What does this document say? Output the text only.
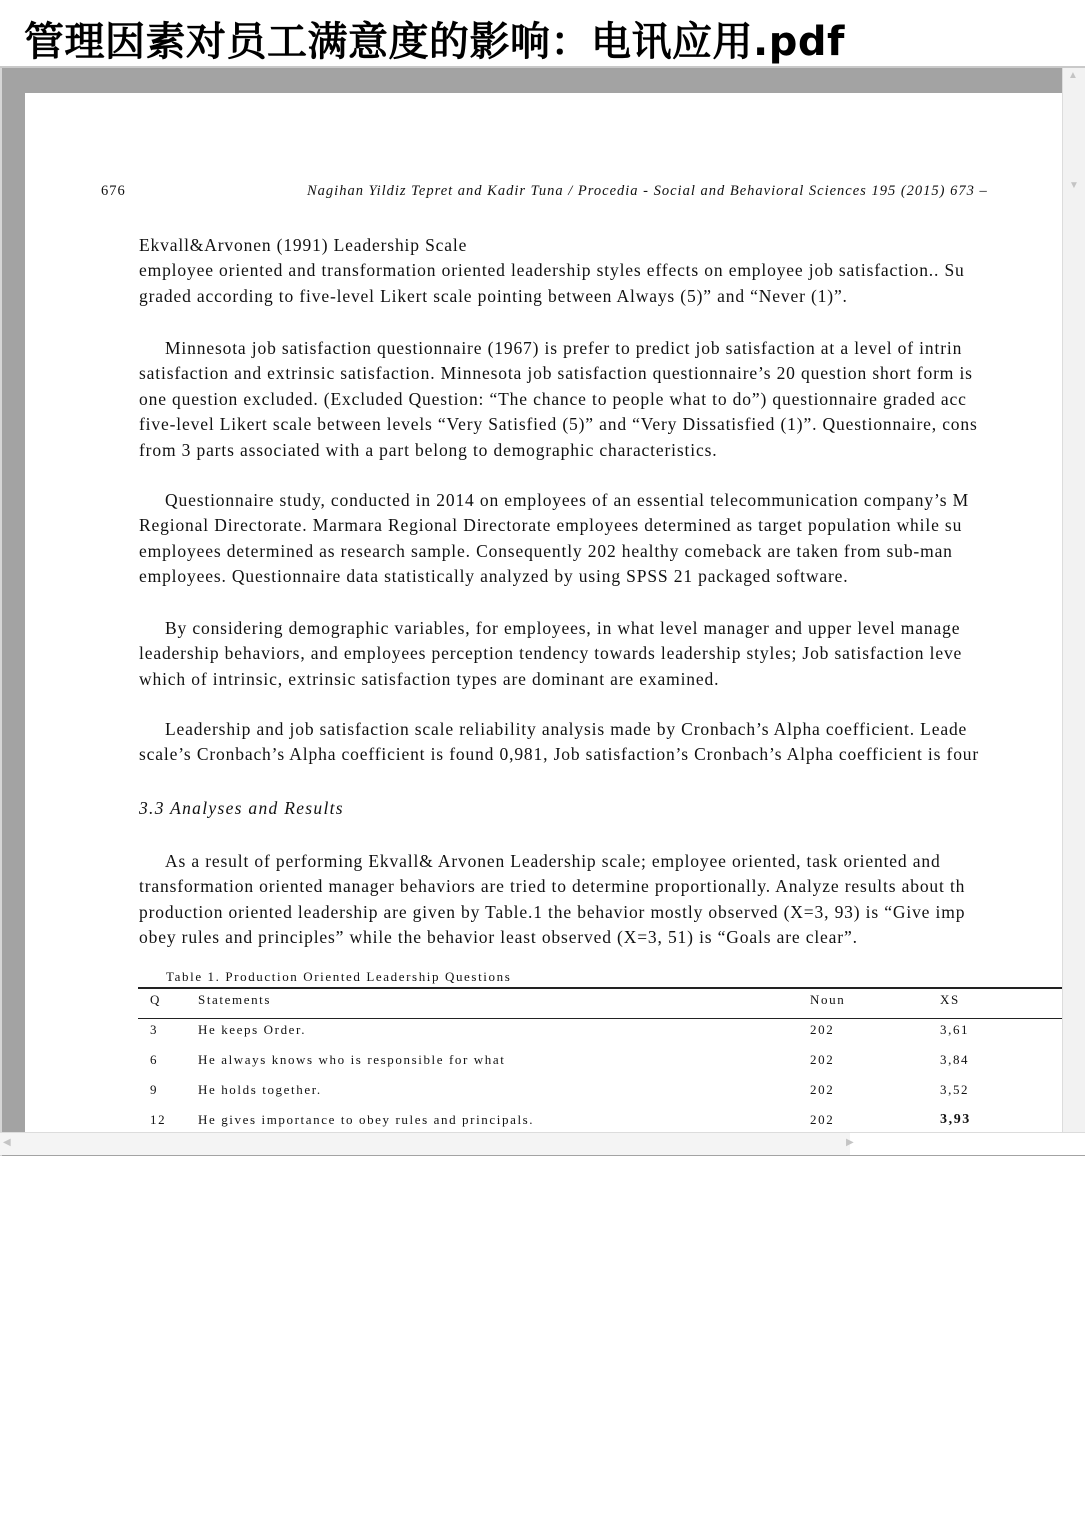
管理因素对员工满意度的影响：电讯应用.pdf
676	Nagihan Yildiz Tepret and Kadir Tuna / Procedia - Social and Behavioral Sciences 195 (2015) 673 –
Ekvall&Arvonen (1991) Leadership Scale
employee oriented and transformation oriented leadership styles effects on employee job satisfaction.. Su
graded according to five-level Likert scale pointing between Always (5)” and “Never (1)”.
Minnesota job satisfaction questionnaire (1967) is prefer to predict job satisfaction at a level of intrin
satisfaction and extrinsic satisfaction. Minnesota job satisfaction questionnaire’s 20 question short form is
one question excluded. (Excluded Question: “The chance to people what to do”) questionnaire graded acc
five-level Likert scale between levels “Very Satisfied (5)” and “Very Dissatisfied (1)”. Questionnaire, cons
from 3 parts associated with a part belong to demographic characteristics.
Questionnaire study, conducted in 2014 on employees of an essential telecommunication company’s M
Regional Directorate. Marmara Regional Directorate employees determined as target population while su
employees determined as research sample. Consequently 202 healthy comeback are taken from sub-man
employees. Questionnaire data statistically analyzed by using SPSS 21 packaged software.
By considering demographic variables, for employees, in what level manager and upper level manage
leadership behaviors, and employees perception tendency towards leadership styles; Job satisfaction leve
which of intrinsic, extrinsic satisfaction types are dominant are examined.
Leadership and job satisfaction scale reliability analysis made by Cronbach’s Alpha coefficient. Leade
scale’s Cronbach’s Alpha coefficient is found 0,981, Job satisfaction’s Cronbach’s Alpha coefficient is four
3.3 Analyses and Results
As a result of performing Ekvall& Arvonen Leadership scale; employee oriented, task oriented and
transformation oriented manager behaviors are tried to determine proportionally. Analyze results about th
production oriented leadership are given by Table.1 the behavior mostly observed (X=3, 93) is “Give imp
obey rules and principles” while the behavior least observed (X=3, 51) is “Goals are clear”.
Table 1. Production Oriented Leadership Questions
Q	Statements	Noun	XS
3	He keeps Order.	202	3,61
6	He always knows who is responsible for what	202	3,84
9	He holds together.	202	3,52
12 He gives importance to obey rules and principals.	202	3,93
▲
▼
◀	▶
